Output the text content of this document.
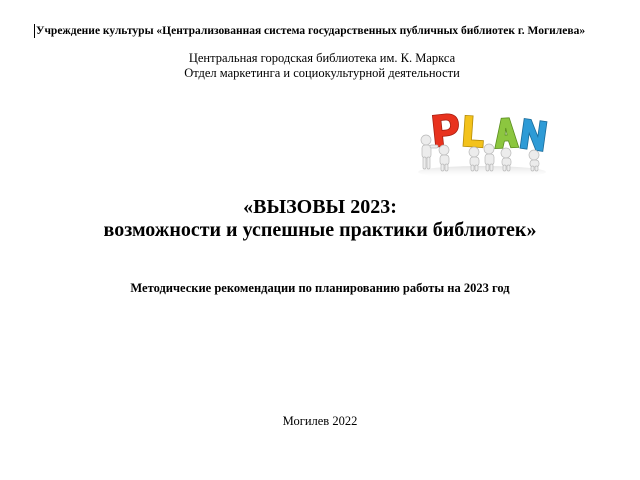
Учреждение культуры «Централизованная система государственных публичных библиотек г. Могилева»
Центральная городская библиотека им. К. Маркса
Отдел маркетинга и социокультурной деятельности
«ВЫЗОВЫ 2023:
возможности и успешные практики библиотек»
Методические рекомендации по планированию работы на 2023 год
Могилев 2022
